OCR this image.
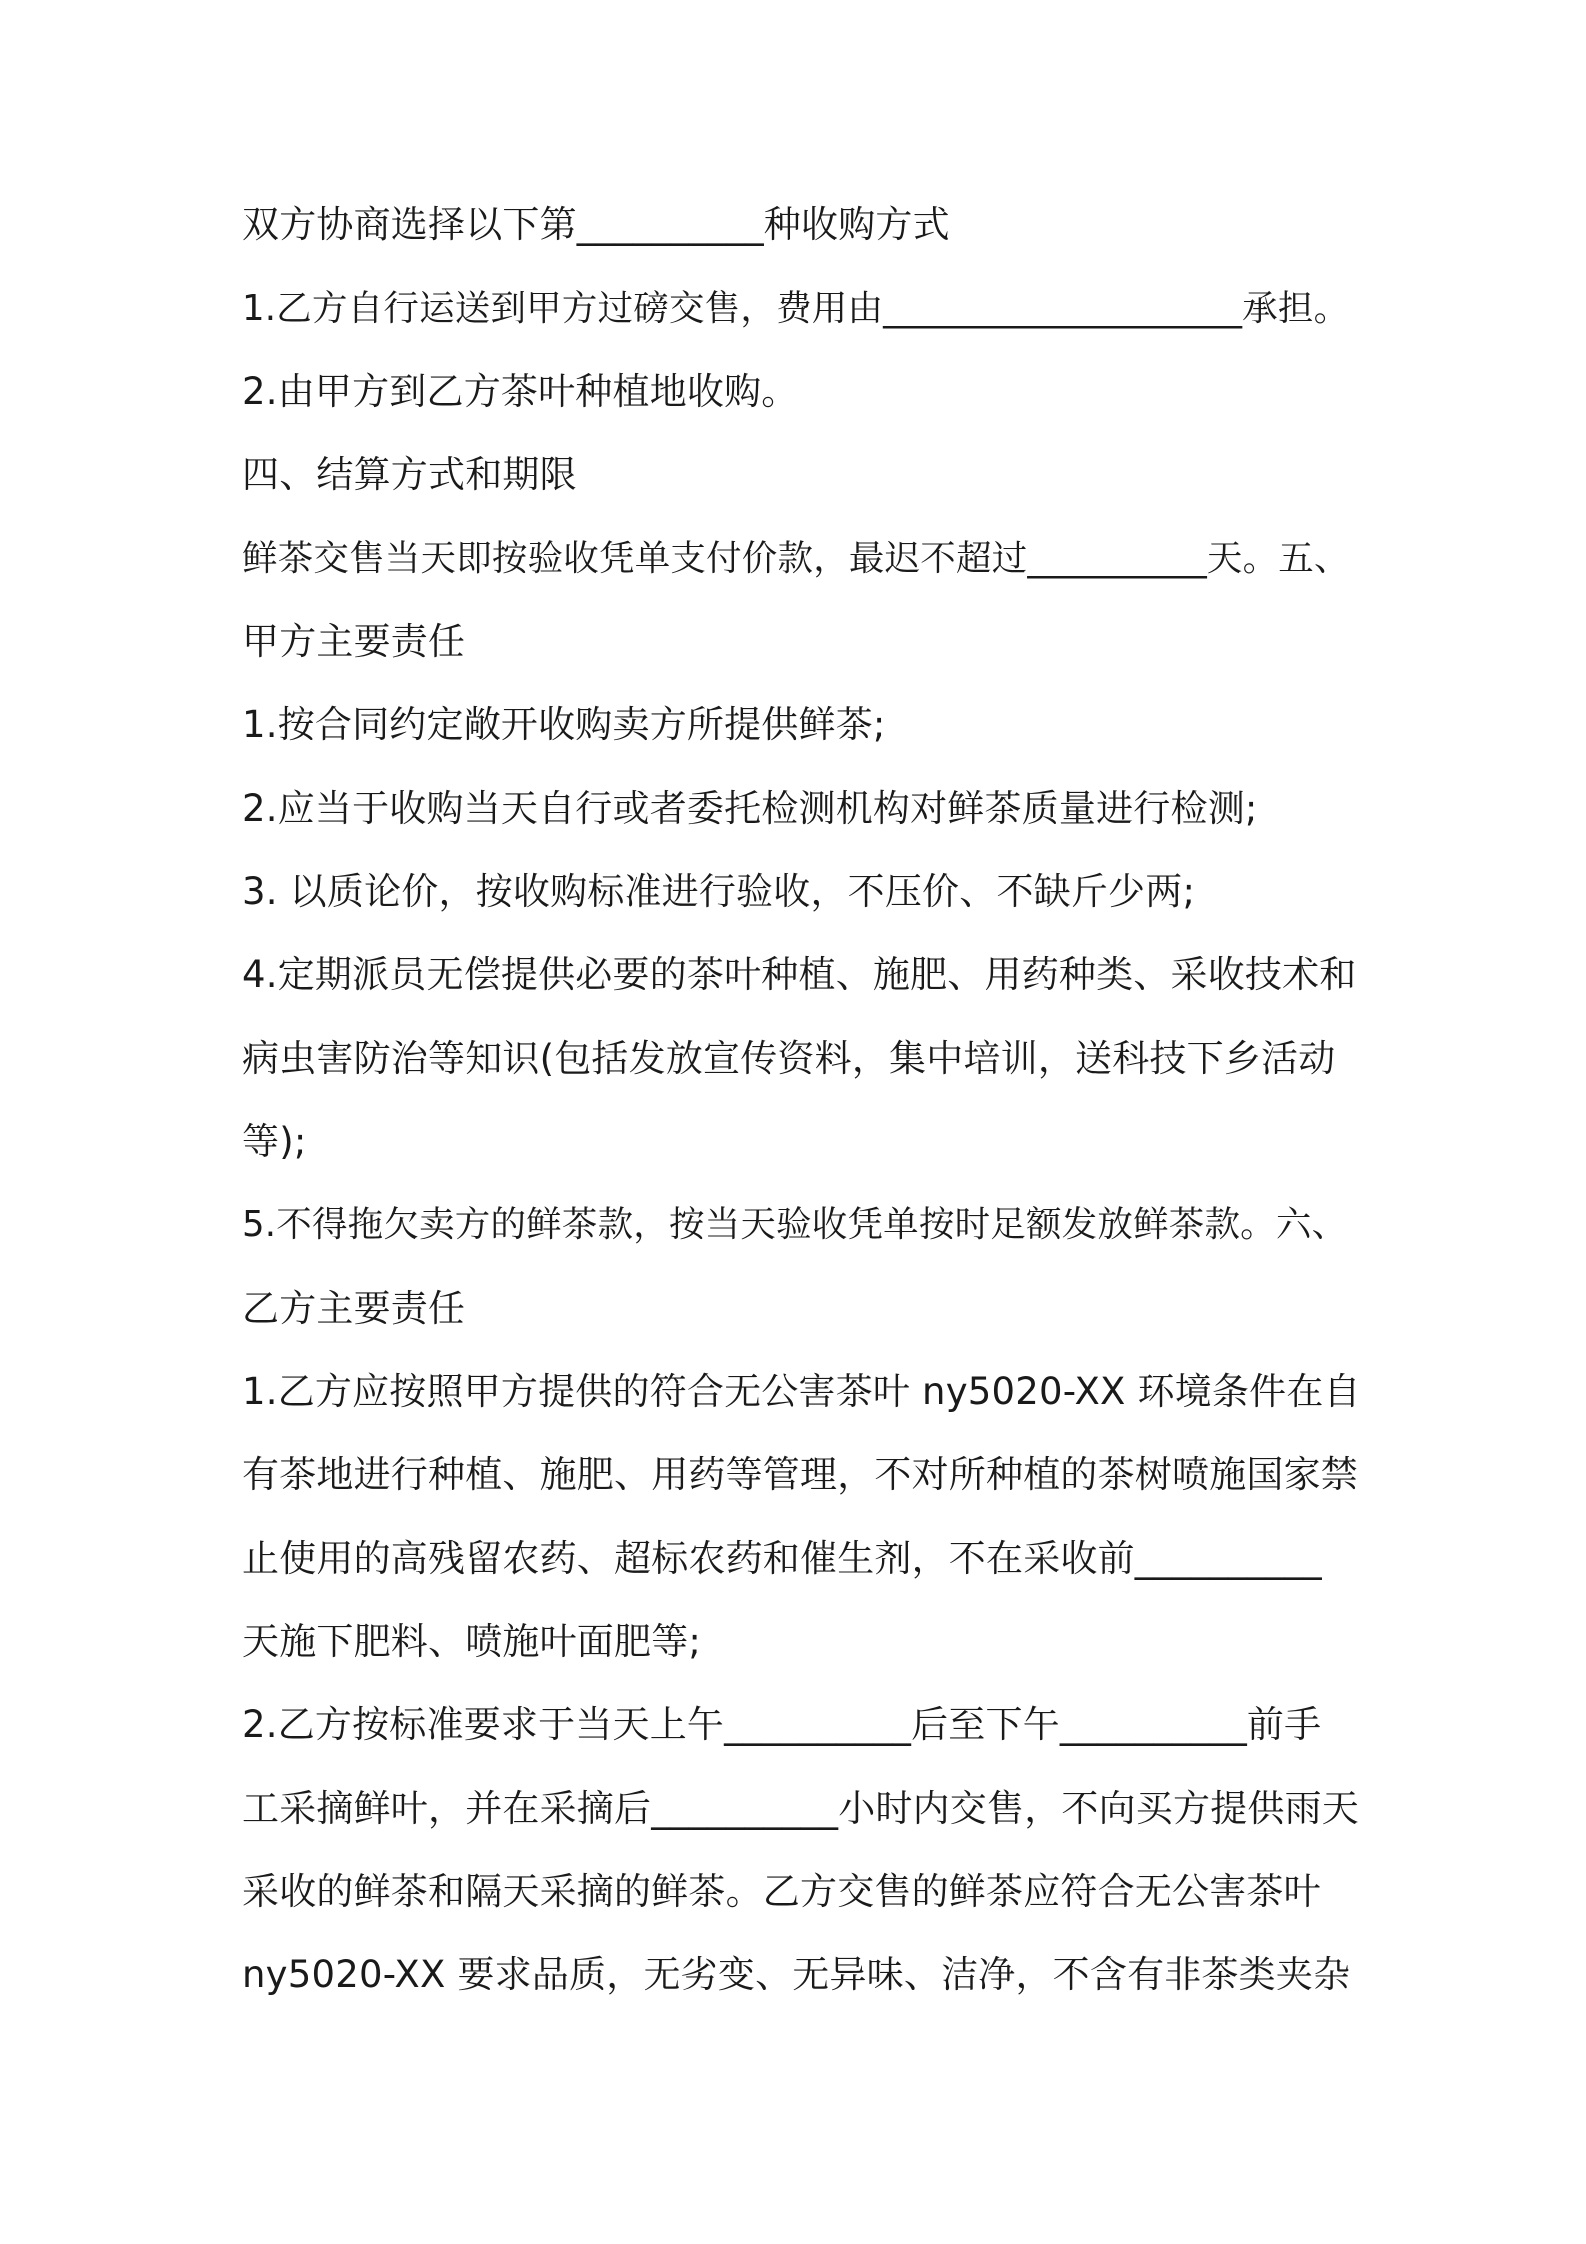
双方协商选择以下第__________种收购方式
1.乙方自行运送到甲方过磅交售，费用由____________________承担。
2.由甲方到乙方茶叶种植地收购。
四、结算方式和期限
鲜茶交售当天即按验收凭单支付价款，最迟不超过__________天。五、
甲方主要责任
1.按合同约定敞开收购卖方所提供鲜茶;
2.应当于收购当天自行或者委托检测机构对鲜茶质量进行检测;
3. 以质论价，按收购标准进行验收，不压价、不缺斤少两;
4.定期派员无偿提供必要的茶叶种植、施肥、用药种类、采收技术和
病虫害防治等知识(包括发放宣传资料，集中培训，送科技下乡活动
等);
5.不得拖欠卖方的鲜茶款，按当天验收凭单按时足额发放鲜茶款。六、
乙方主要责任
1.乙方应按照甲方提供的符合无公害茶叶 ny5020-XX 环境条件在自
有茶地进行种植、施肥、用药等管理，不对所种植的茶树喷施国家禁
止使用的高残留农药、超标农药和催生剂，不在采收前__________
天施下肥料、喷施叶面肥等;
2.乙方按标准要求于当天上午__________后至下午__________前手
工采摘鲜叶，并在采摘后__________小时内交售，不向买方提供雨天
采收的鲜茶和隔天采摘的鲜茶。乙方交售的鲜茶应符合无公害茶叶
ny5020-XX 要求品质，无劣变、无异味、洁净，不含有非茶类夹杂
